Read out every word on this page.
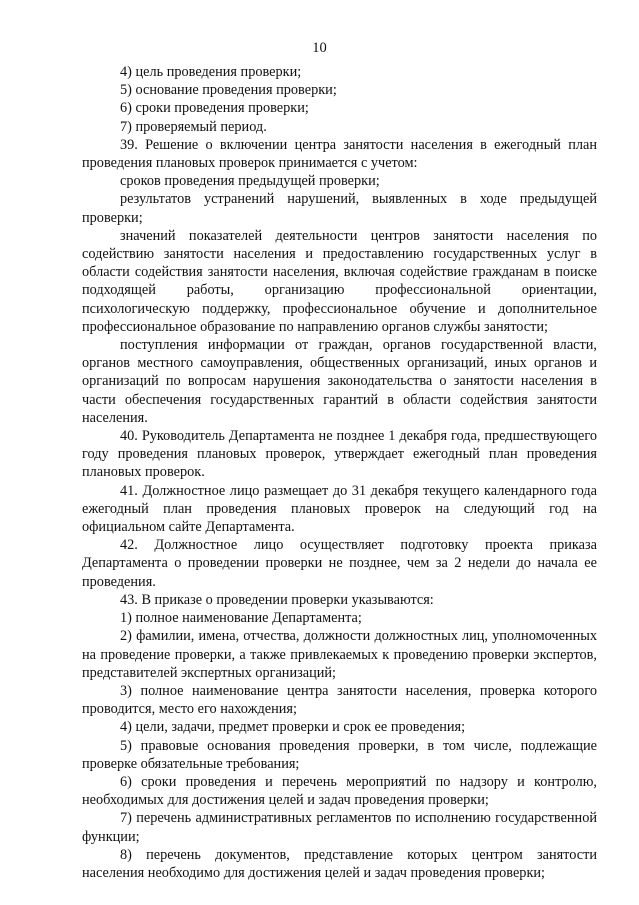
10

4) цель проведения проверки;

5) основание проведения проверки;

6) сроки проведения проверки;

7) проверяемый период.

39. Решение о включении центра занятости населения в ежегодный план проведения плановых проверок принимается с учетом:

сроков проведения предыдущей проверки;

результатов устранений нарушений, выявленных в ходе предыдущей проверки;

значений показателей деятельности центров занятости населения по содействию занятости населения и предоставлению государственных услуг в области содействия занятости населения, включая содействие гражданам в поиске подходящей работы, организацию профессиональной ориентации, психологическую поддержку, профессиональное обучение и дополнительное профессиональное образование по направлению органов службы занятости;

поступления информации от граждан, органов государственной власти, органов местного самоуправления, общественных организаций, иных органов и организаций по вопросам нарушения законодательства о занятости населения в части обеспечения государственных гарантий в области содействия занятости населения.

40. Руководитель Департамента не позднее 1 декабря года, предшествующего году проведения плановых проверок, утверждает ежегодный план проведения плановых проверок.

41. Должностное лицо размещает до 31 декабря текущего календарного года ежегодный план проведения плановых проверок на следующий год на официальном сайте Департамента.

42. Должностное лицо осуществляет подготовку проекта приказа Департамента о проведении проверки не позднее, чем за 2 недели до начала ее проведения.

43. В приказе о проведении проверки указываются:

1) полное наименование Департамента;

2) фамилии, имена, отчества, должности должностных лиц, уполномоченных на проведение проверки, а также привлекаемых к проведению проверки экспертов, представителей экспертных организаций;

3) полное наименование центра занятости населения, проверка которого проводится, место его нахождения;

4) цели, задачи, предмет проверки и срок ее проведения;

5) правовые основания проведения проверки, в том числе, подлежащие проверке обязательные требования;

6) сроки проведения и перечень мероприятий по надзору и контролю, необходимых для достижения целей и задач проведения проверки;

7) перечень административных регламентов по исполнению государственной функции;

8) перечень документов, представление которых центром занятости населения необходимо для достижения целей и задач проведения проверки;
